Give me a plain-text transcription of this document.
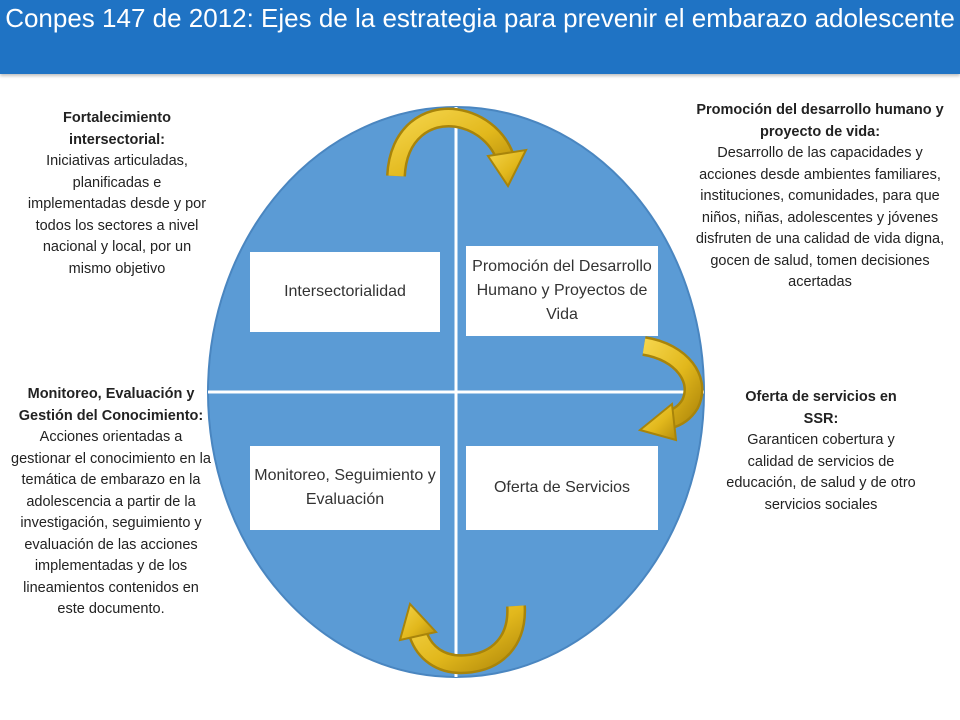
Conpes 147 de 2012: Ejes de la estrategia para prevenir el embarazo adolescente
Intersectorialidad
Promoción del Desarrollo Humano y Proyectos de Vida
Monitoreo, Seguimiento y Evaluación
Oferta de Servicios
Fortalecimiento intersectorial:
Iniciativas articuladas, planificadas e implementadas desde y por todos los sectores a nivel nacional y local, por un mismo objetivo
Promoción del desarrollo humano y proyecto de vida:
Desarrollo de las capacidades y acciones desde ambientes familiares, instituciones, comunidades, para que niños, niñas, adolescentes y jóvenes disfruten de una calidad de vida digna, gocen de salud, tomen decisiones acertadas
Monitoreo, Evaluación y Gestión del Conocimiento:
Acciones orientadas a gestionar el conocimiento en la temática de embarazo en la adolescencia a partir de la investigación, seguimiento y evaluación de las acciones implementadas y de los lineamientos contenidos en este documento.
Oferta de servicios en SSR:
Garanticen cobertura y calidad de servicios de educación, de salud y de otro servicios sociales
